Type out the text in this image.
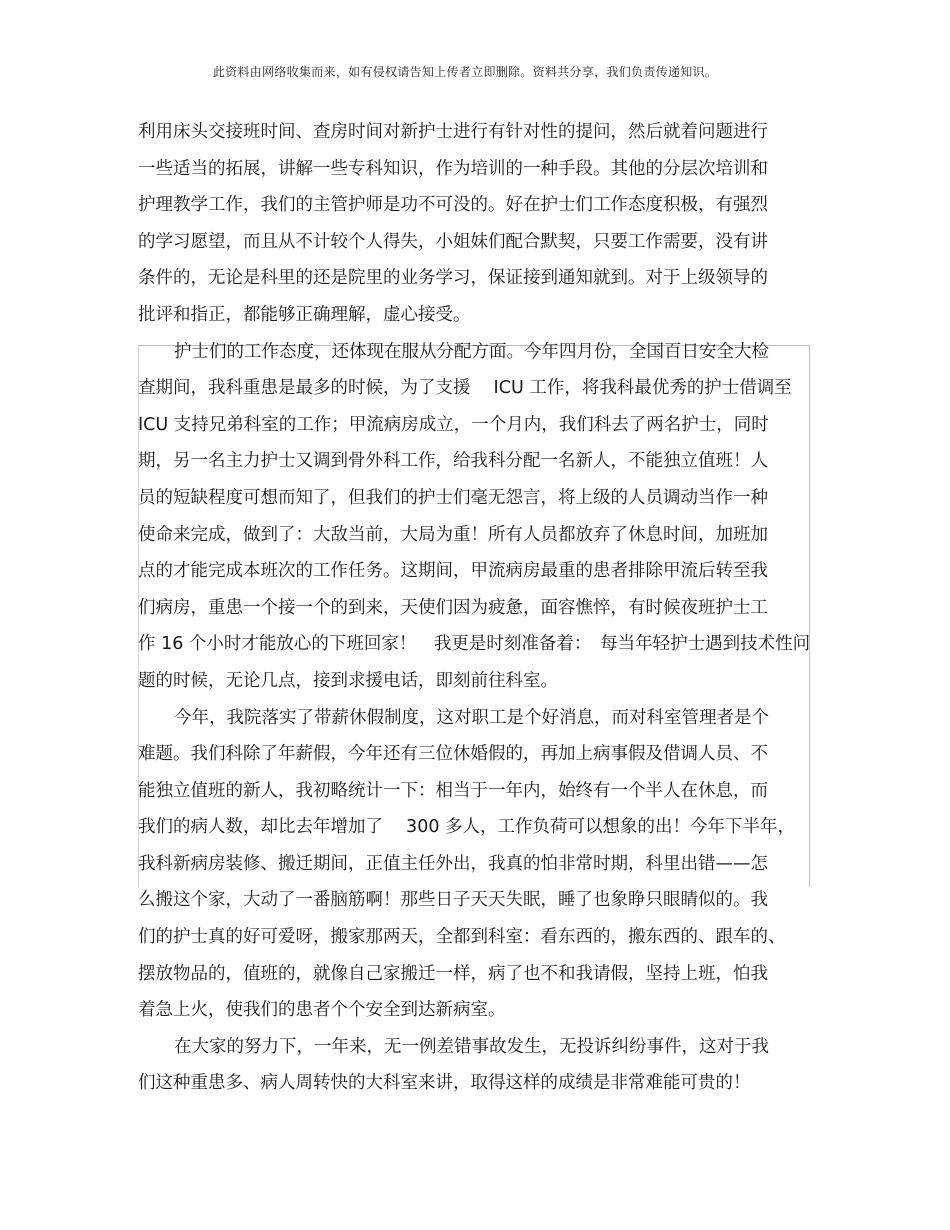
此资料由网络收集而来，如有侵权请告知上传者立即删除。资料共分享，我们负责传递知识。
利用床头交接班时间、查房时间对新护士进行有针对性的提问，然后就着问题进行
一些适当的拓展，讲解一些专科知识，作为培训的一种手段。其他的分层次培训和
护理教学工作，我们的主管护师是功不可没的。好在护士们工作态度积极，有强烈
的学习愿望，而且从不计较个人得失，小姐妹们配合默契，只要工作需要，没有讲
条件的，无论是科里的还是院里的业务学习，保证接到通知就到。对于上级领导的
批评和指正，都能够正确理解，虚心接受。
护士们的工作态度，还体现在服从分配方面。今年四月份，全国百日安全大检
查期间，我科重患是最多的时候，为了支援　 ICU 工作，将我科最优秀的护士借调至
ICU 支持兄弟科室的工作；甲流病房成立，一个月内，我们科去了两名护士，同时
期，另一名主力护士又调到骨外科工作，给我科分配一名新人，不能独立值班！人
员的短缺程度可想而知了，但我们的护士们毫无怨言，将上级的人员调动当作一种
使命来完成，做到了：大敌当前，大局为重！所有人员都放弃了休息时间，加班加
点的才能完成本班次的工作任务。这期间，甲流病房最重的患者排除甲流后转至我
们病房，重患一个接一个的到来，天使们因为疲惫，面容憔悴，有时候夜班护士工
作 16 个小时才能放心的下班回家！　我更是时刻准备着：　每当年轻护士遇到技术性问
题的时候，无论几点，接到求援电话，即刻前往科室。
今年，我院落实了带薪休假制度，这对职工是个好消息，而对科室管理者是个
难题。我们科除了年薪假，今年还有三位休婚假的，再加上病事假及借调人员、不
能独立值班的新人，我初略统计一下：相当于一年内，始终有一个半人在休息，而
我们的病人数，却比去年增加了　 300 多人，工作负荷可以想象的出！今年下半年，
我科新病房装修、搬迁期间，正值主任外出，我真的怕非常时期，科里出错——怎
么搬这个家，大动了一番脑筋啊！那些日子天天失眠，睡了也象睁只眼睛似的。我
们的护士真的好可爱呀，搬家那两天，全都到科室：看东西的，搬东西的、跟车的、
摆放物品的，值班的，就像自己家搬迁一样，病了也不和我请假，坚持上班，怕我
着急上火，使我们的患者个个安全到达新病室。
在大家的努力下，一年来，无一例差错事故发生，无投诉纠纷事件，这对于我
们这种重患多、病人周转快的大科室来讲，取得这样的成绩是非常难能可贵的！
